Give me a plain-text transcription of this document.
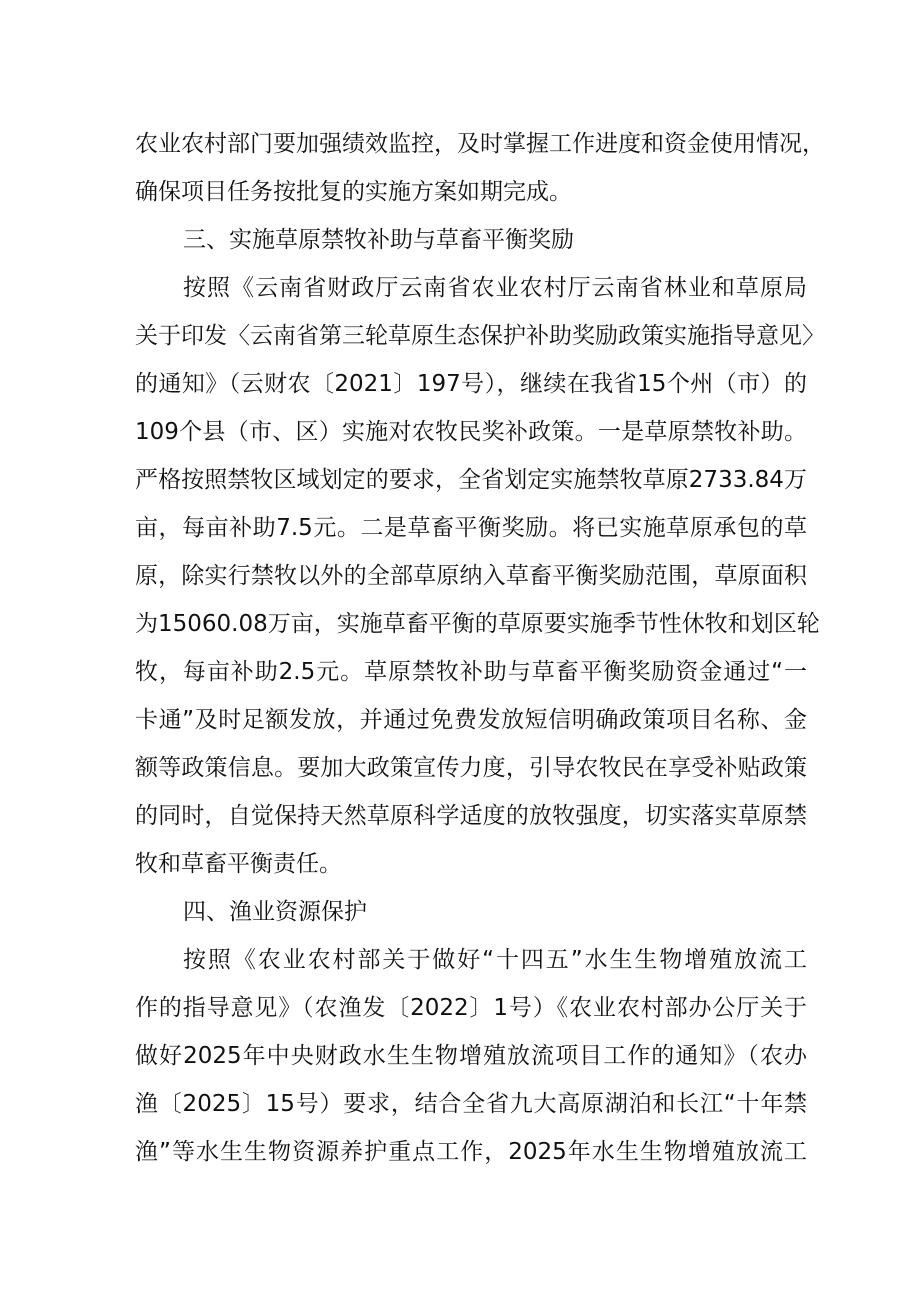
农业农村部门要加强绩效监控，及时掌握工作进度和资金使用情况，
确保项目任务按批复的实施方案如期完成。
三、实施草原禁牧补助与草畜平衡奖励
按照《云南省财政厅云南省农业农村厅云南省林业和草原局
关于印发〈云南省第三轮草原生态保护补助奖励政策实施指导意见〉
的通知》（云财农〔2021〕197号），继续在我省15个州（市）的
109个县（市、区）实施对农牧民奖补政策。一是草原禁牧补助。
严格按照禁牧区域划定的要求，全省划定实施禁牧草原2733.84万
亩，每亩补助7.5元。二是草畜平衡奖励。将已实施草原承包的草
原，除实行禁牧以外的全部草原纳入草畜平衡奖励范围，草原面积
为15060.08万亩，实施草畜平衡的草原要实施季节性休牧和划区轮
牧，每亩补助2.5元。草原禁牧补助与草畜平衡奖励资金通过“一
卡通”及时足额发放，并通过免费发放短信明确政策项目名称、金
额等政策信息。要加大政策宣传力度，引导农牧民在享受补贴政策
的同时，自觉保持天然草原科学适度的放牧强度，切实落实草原禁
牧和草畜平衡责任。
四、渔业资源保护
按照《农业农村部关于做好“十四五”水生生物增殖放流工
作的指导意见》（农渔发〔2022〕1号）《农业农村部办公厅关于
做好2025年中央财政水生生物增殖放流项目工作的通知》（农办
渔〔2025〕15号）要求，结合全省九大高原湖泊和长江“十年禁
渔”等水生生物资源养护重点工作，2025年水生生物增殖放流工
